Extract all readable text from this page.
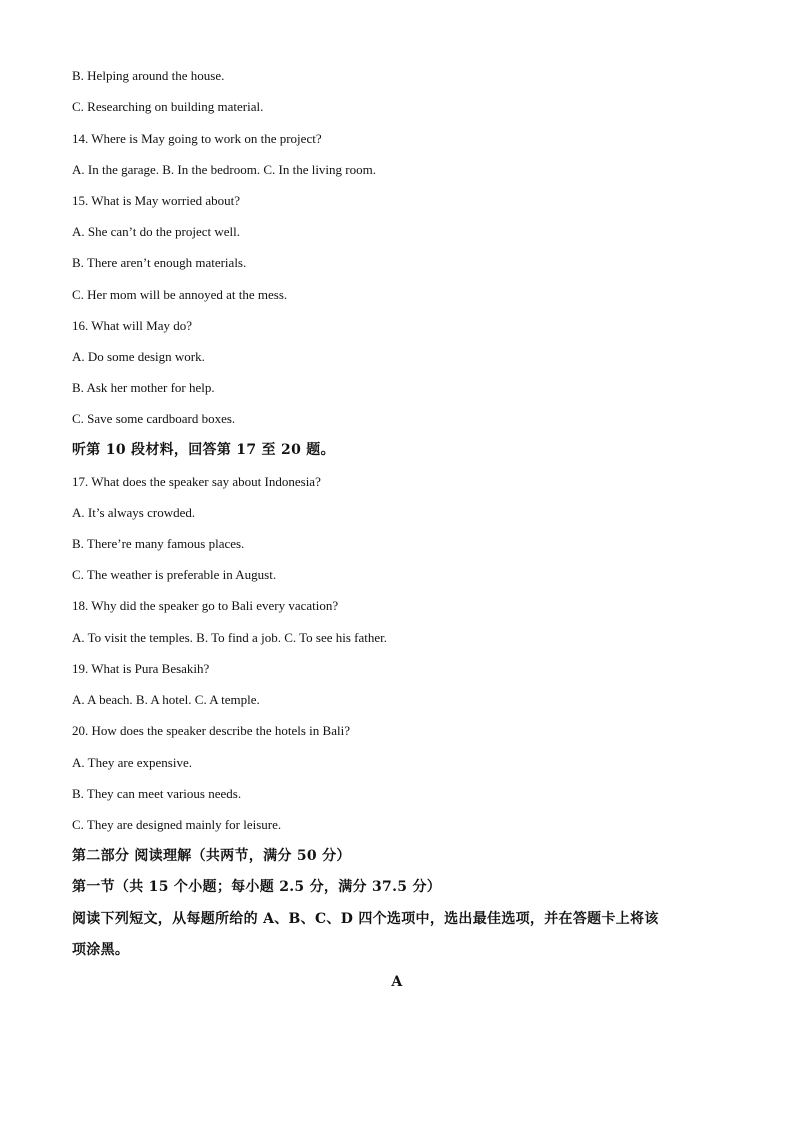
B. Helping around the house.
C. Researching on building material.
14. Where is May going to work on the project?
A. In the garage. B. In the bedroom. C. In the living room.
15. What is May worried about?
A. She can’t do the project well.
B. There aren’t enough materials.
C. Her mom will be annoyed at the mess.
16. What will May do?
A. Do some design work.
B. Ask her mother for help.
C. Save some cardboard boxes.
听第 10 段材料，回答第 17 至 20 题。
17. What does the speaker say about Indonesia?
A. It’s always crowded.
B. There’re many famous places.
C. The weather is preferable in August.
18. Why did the speaker go to Bali every vacation?
A. To visit the temples. B. To find a job. C. To see his father.
19. What is Pura Besakih?
A. A beach. B. A hotel. C. A temple.
20. How does the speaker describe the hotels in Bali?
A. They are expensive.
B. They can meet various needs.
C. They are designed mainly for leisure.
第二部分 阅读理解（共两节，满分 50 分）
第一节（共 15 个小题；每小题 2.5 分，满分 37.5 分）
阅读下列短文，从每题所给的 A、B、C、D 四个选项中，选出最佳选项，并在答题卡上将该
项涂黑。
A
